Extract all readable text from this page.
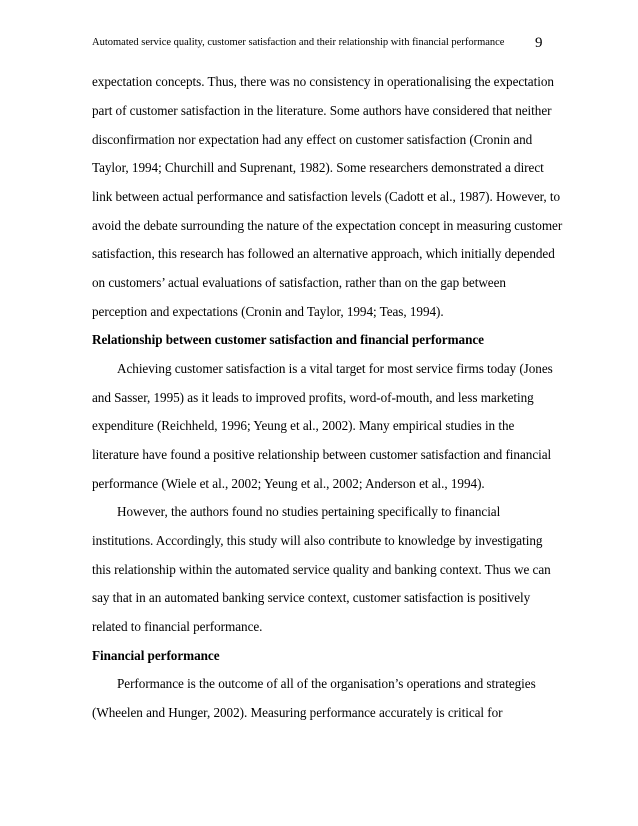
Automated service quality, customer satisfaction and their relationship with financial performance	9
expectation concepts. Thus, there was no consistency in operationalising the expectation
part of customer satisfaction in the literature. Some authors have considered that neither
disconfirmation nor expectation had any effect on customer satisfaction (Cronin and
Taylor, 1994; Churchill and Suprenant, 1982). Some researchers demonstrated a direct
link between actual performance and satisfaction levels (Cadott et al., 1987). However, to
avoid the debate surrounding the nature of the expectation concept in measuring customer
satisfaction, this research has followed an alternative approach, which initially depended
on customers’ actual evaluations of satisfaction, rather than on the gap between
perception and expectations (Cronin and Taylor, 1994; Teas, 1994).
Relationship between customer satisfaction and financial performance
Achieving customer satisfaction is a vital target for most service firms today (Jones
and Sasser, 1995) as it leads to improved profits, word-of-mouth, and less marketing
expenditure (Reichheld, 1996; Yeung et al., 2002). Many empirical studies in the
literature have found a positive relationship between customer satisfaction and financial
performance (Wiele et al., 2002; Yeung et al., 2002; Anderson et al., 1994).
However, the authors found no studies pertaining specifically to financial
institutions. Accordingly, this study will also contribute to knowledge by investigating
this relationship within the automated service quality and banking context. Thus we can
say that in an automated banking service context, customer satisfaction is positively
related to financial performance.
Financial performance
Performance is the outcome of all of the organisation’s operations and strategies
(Wheelen and Hunger, 2002). Measuring performance accurately is critical for
